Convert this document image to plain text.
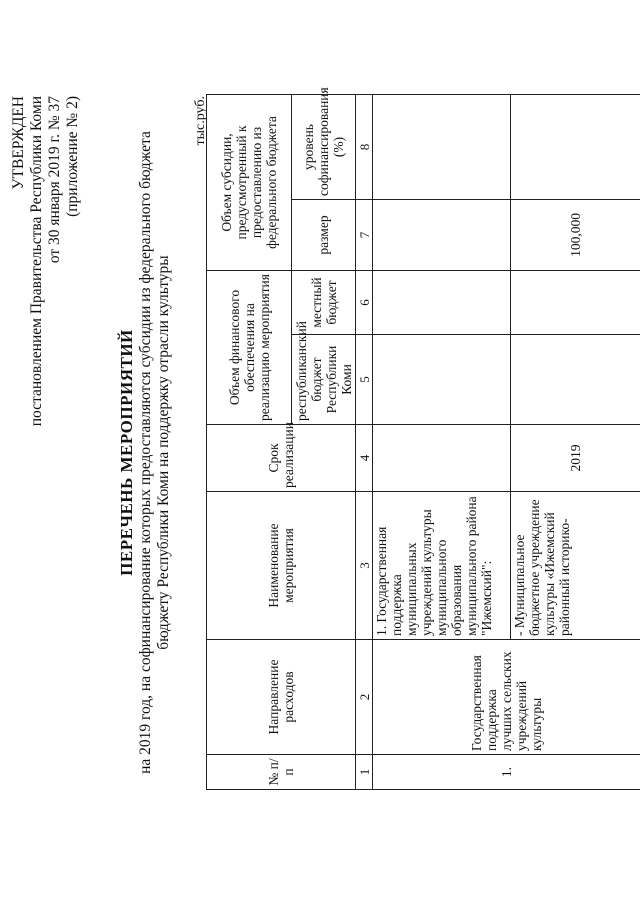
УТВЕРЖДЕН постановлением Правительства Республики Коми от 30 января 2019 г. № 37 (приложение № 2)
ПЕРЕЧЕНЬ МЕРОПРИЯТИЙ на 2019 год, на софинансирование которых предоставляются субсидии из федерального бюджета бюджету Республики Коми на поддержку отрасли культуры
тыс.руб.
№ п/п	Направление расходов	Наименование мероприятия	Срок реализации	Объем финансового обеспечения на реализацию мероприятия		Объем субсидии, предусмотренный к предоставлению из федерального бюджета	
				республиканский бюджет Республики Коми	местный бюджет	размер	уровень софинансирования (%)
1	2	3	4	5	6	7	8
1.	Государственная поддержка лучших сельских учреждений культуры	1. Государственная поддержка муниципальных учреждений культуры муниципального образования муниципального района "Ижемский":					
		- Муниципальное бюджетное учреждение культуры «Ижемский районный историко-	2019			100,000	
